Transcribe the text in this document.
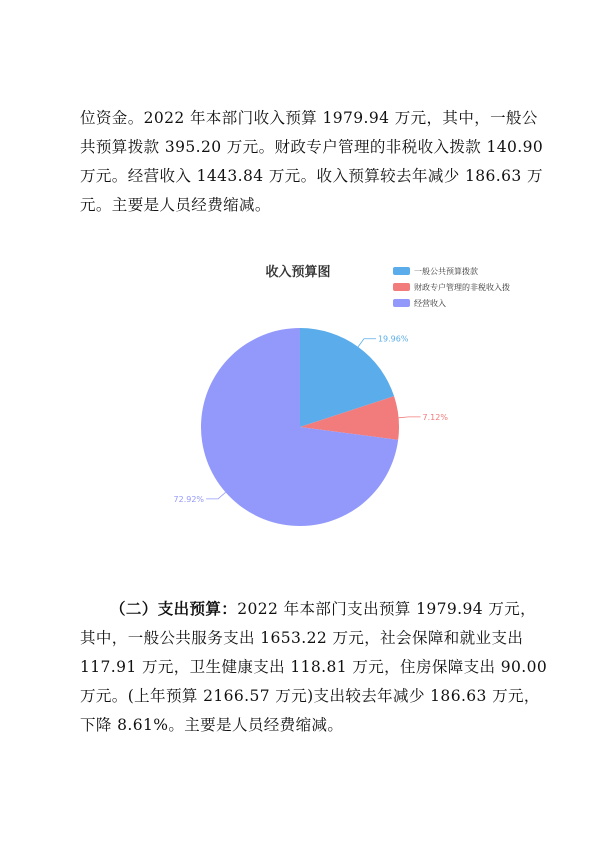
位资金。2022 年本部门收入预算 1979.94 万元，其中，一般公
共预算拨款 395.20 万元。财政专户管理的非税收入拨款 140.90
万元。经营收入 1443.84 万元。收入预算较去年减少 186.63 万
元。主要是人员经费缩减。
收入预算图	一般公共预算拨款
财政专户管理的非税收入拨
经营收入
19.96%
7.12%
72.92%
（二）支出预算：2022 年本部门支出预算 1979.94 万元，
其中，一般公共服务支出 1653.22 万元，社会保障和就业支出
117.91 万元，卫生健康支出 118.81 万元，住房保障支出 90.00
万元。(上年预算 2166.57 万元)支出较去年减少 186.63 万元，
下降 8.61%。主要是人员经费缩减。
